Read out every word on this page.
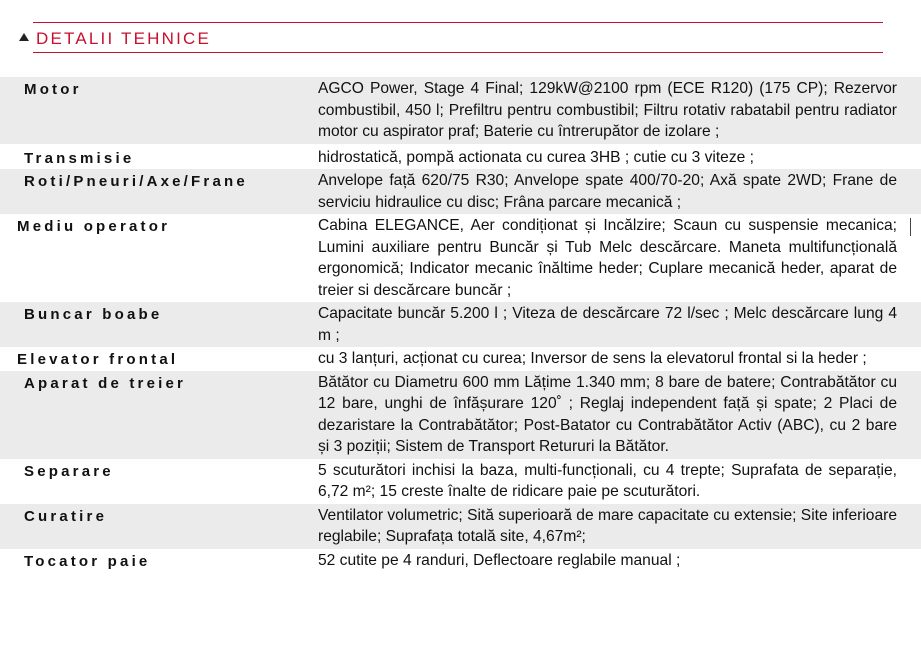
DETALII TEHNICE
Motor	AGCO Power, Stage 4 Final; 129kW@2100 rpm (ECE R120) (175 CP); Rezervor combustibil, 450 l; Prefiltru pentru combustibil; Filtru rotativ rabatabil pentru radiator motor cu aspirator praf; Baterie cu întrerupător de izolare ;
Transmisie	hidrostatică, pompă actionata cu curea 3HB ; cutie cu 3 viteze ;
Roti/Pneuri/Axe/Frane	Anvelope față 620/75 R30; Anvelope spate 400/70-20; Axă spate 2WD; Frane de serviciu hidraulice cu disc; Frâna parcare mecanică ;
Mediu operator	Cabina ELEGANCE, Aer condiționat și Incălzire; Scaun cu suspensie mecanica; Lumini auxiliare pentru Buncăr și Tub Melc descărcare. Maneta multifuncțională ergonomică; Indicator mecanic înăltime heder; Cuplare mecanică heder, aparat de treier si descărcare buncăr ;
Buncar boabe	Capacitate buncăr 5.200 l ; Viteza de descărcare 72 l/sec ; Melc descărcare lung 4 m ;
Elevator frontal	cu 3 lanțuri, acționat cu curea; Inversor de sens la elevatorul frontal si la heder ;
Aparat de treier	Bătător cu Diametru 600 mm Lățime 1.340 mm; 8 bare de batere; Contrabătător cu 12 bare, unghi de înfășurare 120˚ ; Reglaj independent față și spate; 2 Placi de dezaristare la Contrabătător; Post-Batator cu Contrabătător Activ (ABC), cu 2 bare și 3 poziții; Sistem de Transport Retururi la Bătător.
Separare	5 scuturători inchisi la baza, multi-funcționali, cu 4 trepte; Suprafata de separație, 6,72 m²; 15 creste înalte de ridicare paie pe scuturători.
Curatire	Ventilator volumetric; Sită superioară de mare capacitate cu extensie; Site inferioare reglabile; Suprafața totală site, 4,67m²;
Tocator paie	52 cutite pe 4 randuri, Deflectoare reglabile manual ;
